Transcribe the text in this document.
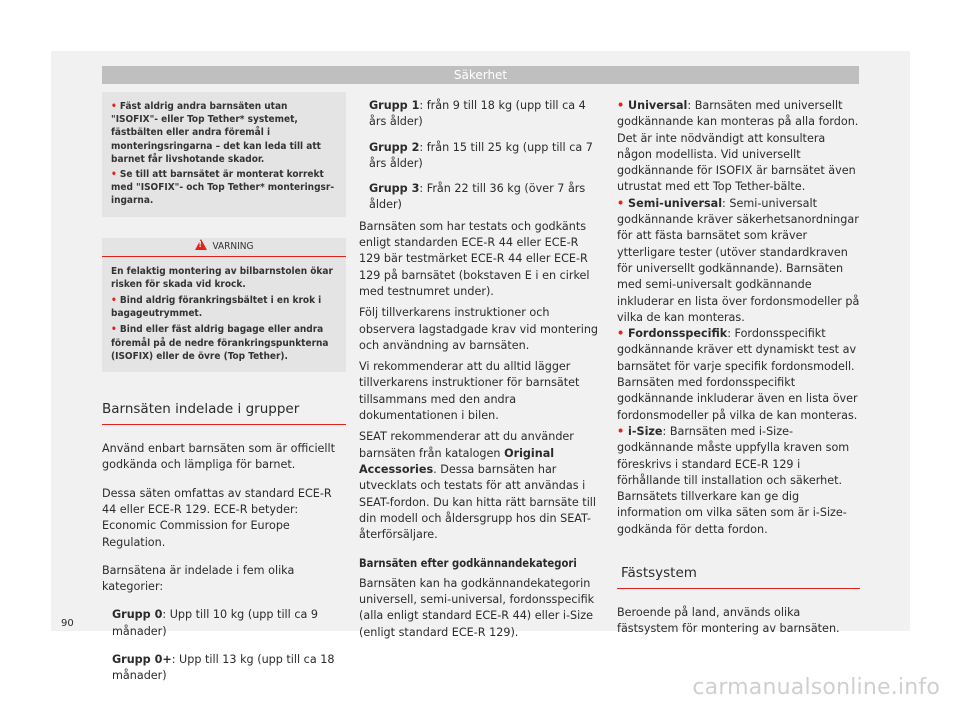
Säkerhet
• Fäst aldrig andra barnsäten utan "ISOFIX"- eller Top Tether* systemet, fästbälten eller andra föremål i monteringsringarna – det kan leda till att barnet får livshotande skador.
• Se till att barnsätet är monterat korrekt med "ISOFIX"- och Top Tether* monteringsringarna.
!VARNING
En felaktig montering av bilbarnstolen ökar risken för skada vid krock.
• Bind aldrig förankringsbältet i en krok i bagageutrymmet.
• Bind eller fäst aldrig bagage eller andra föremål på de nedre förankringspunkterna (ISOFIX) eller de övre (Top Tether).
Barnsäten indelade i grupper
Använd enbart barnsäten som är officiellt godkända och lämpliga för barnet.
Dessa säten omfattas av standard ECE-R 44 eller ECE-R 129. ECE-R betyder: Economic Commission for Europe Regulation.
Barnsätena är indelade i fem olika kategorier:
Grupp 0: Upp till 10 kg (upp till ca 9 månader)
Grupp 0+: Upp till 13 kg (upp till ca 18 månader)
Grupp 1: från 9 till 18 kg (upp till ca 4 års ålder)
Grupp 2: från 15 till 25 kg (upp till ca 7 års ålder)
Grupp 3: Från 22 till 36 kg (över 7 års ålder)
Barnsäten som har testats och godkänts enligt standarden ECE-R 44 eller ECE-R 129 bär testmärket ECE-R 44 eller ECE-R 129 på barnsätet (bokstaven E i en cirkel med testnumret under).
Följ tillverkarens instruktioner och observera lagstadgade krav vid montering och användning av barnsäten.
Vi rekommenderar att du alltid lägger tillverkarens instruktioner för barnsätet tillsammans med den andra dokumentationen i bilen.
SEAT rekommenderar att du använder barnsäten från katalogen Original Accessories. Dessa barnsäten har utvecklats och testats för att användas i SEAT-fordon. Du kan hitta rätt barnsäte till din modell och åldersgrupp hos din SEAT-återförsäljare.
Barnsäten efter godkännandekategori
Barnsäten kan ha godkännandekategorin universell, semi-universal, fordonsspecifik (alla enligt standard ECE-R 44) eller i-Size (enligt standard ECE-R 129).
• Universal: Barnsäten med universellt godkännande kan monteras på alla fordon. Det är inte nödvändigt att konsultera någon modellista. Vid universellt godkännande för ISOFIX är barnsätet även utrustat med ett Top Tether-bälte.
• Semi-universal: Semi-universalt godkännande kräver säkerhetsanordningar för att fästa barnsätet som kräver ytterligare tester (utöver standardkraven för universellt godkännande). Barnsäten med semi-universalt godkännande inkluderar en lista över fordonsmodeller på vilka de kan monteras.
• Fordonsspecifik: Fordonsspecifikt godkännande kräver ett dynamiskt test av barnsätet för varje specifik fordonsmodell. Barnsäten med fordonsspecifikt godkännande inkluderar även en lista över fordonsmodeller på vilka de kan monteras.
• i-Size: Barnsäten med i-Size-godkännande måste uppfylla kraven som föreskrivs i standard ECE-R 129 i förhållande till installation och säkerhet. Barnsätets tillverkare kan ge dig information om vilka säten som är i-Size-godkända för detta fordon.
Fästsystem
Beroende på land, används olika fästsystem för montering av barnsäten.
90
carmanualsonline.info
